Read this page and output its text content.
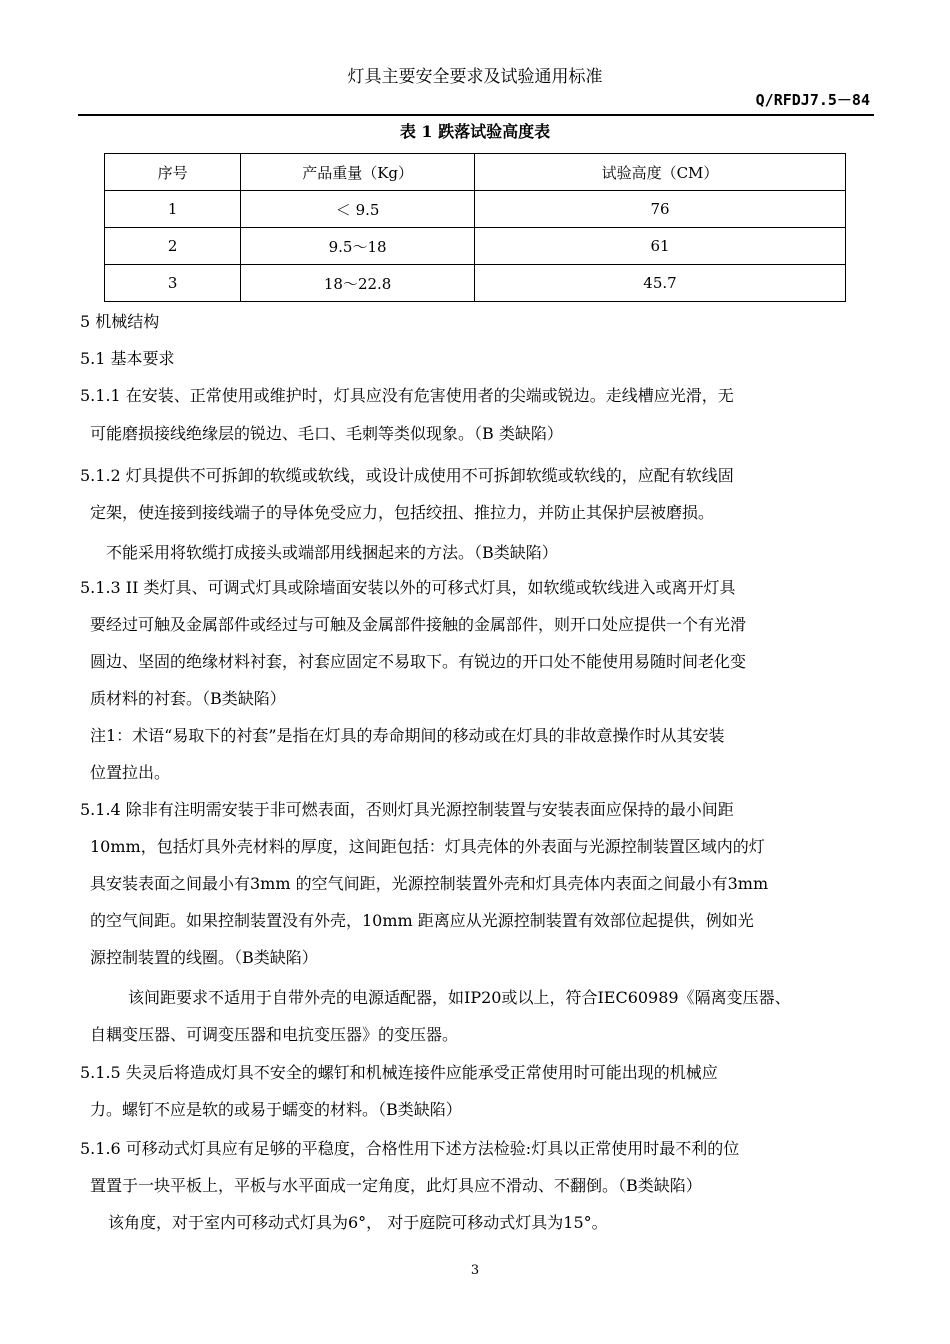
灯具主要安全要求及试验通用标准
Q/RFDJ7.5－84
表 1 跌落试验高度表
序号	产品重量（Kg）	试验高度（CM）
1	＜ 9.5	76
2	9.5～18	61
3	18～22.8	45.7
5 机械结构
5.1 基本要求
5.1.1 在安装、正常使用或维护时，灯具应没有危害使用者的尖端或锐边。走线槽应光滑，无
可能磨损接线绝缘层的锐边、毛口、毛刺等类似现象。（B 类缺陷）
5.1.2 灯具提供不可拆卸的软缆或软线，或设计成使用不可拆卸软缆或软线的，应配有软线固
定架，使连接到接线端子的导体免受应力，包括绞扭、推拉力，并防止其保护层被磨损。
不能采用将软缆打成接头或端部用线捆起来的方法。（B类缺陷）
5.1.3 II 类灯具、可调式灯具或除墙面安装以外的可移式灯具，如软缆或软线进入或离开灯具
要经过可触及金属部件或经过与可触及金属部件接触的金属部件，则开口处应提供一个有光滑
圆边、坚固的绝缘材料衬套，衬套应固定不易取下。有锐边的开口处不能使用易随时间老化变
质材料的衬套。（B类缺陷）
注1：术语“易取下的衬套”是指在灯具的寿命期间的移动或在灯具的非故意操作时从其安装
位置拉出。
5.1.4 除非有注明需安装于非可燃表面，否则灯具光源控制装置与安装表面应保持的最小间距
10mm，包括灯具外壳材料的厚度，这间距包括：灯具壳体的外表面与光源控制装置区域内的灯
具安装表面之间最小有3mm 的空气间距，光源控制装置外壳和灯具壳体内表面之间最小有3mm
的空气间距。如果控制装置没有外壳，10mm 距离应从光源控制装置有效部位起提供，例如光
源控制装置的线圈。（B类缺陷）
该间距要求不适用于自带外壳的电源适配器，如IP20或以上，符合IEC60989《隔离变压器、
自耦变压器、可调变压器和电抗变压器》的变压器。
5.1.5 失灵后将造成灯具不安全的螺钉和机械连接件应能承受正常使用时可能出现的机械应
力。螺钉不应是软的或易于蠕变的材料。（B类缺陷）
5.1.6 可移动式灯具应有足够的平稳度，合格性用下述方法检验:灯具以正常使用时最不利的位
置置于一块平板上，平板与水平面成一定角度，此灯具应不滑动、不翻倒。（B类缺陷）
该角度，对于室内可移动式灯具为6°， 对于庭院可移动式灯具为15°。
3
